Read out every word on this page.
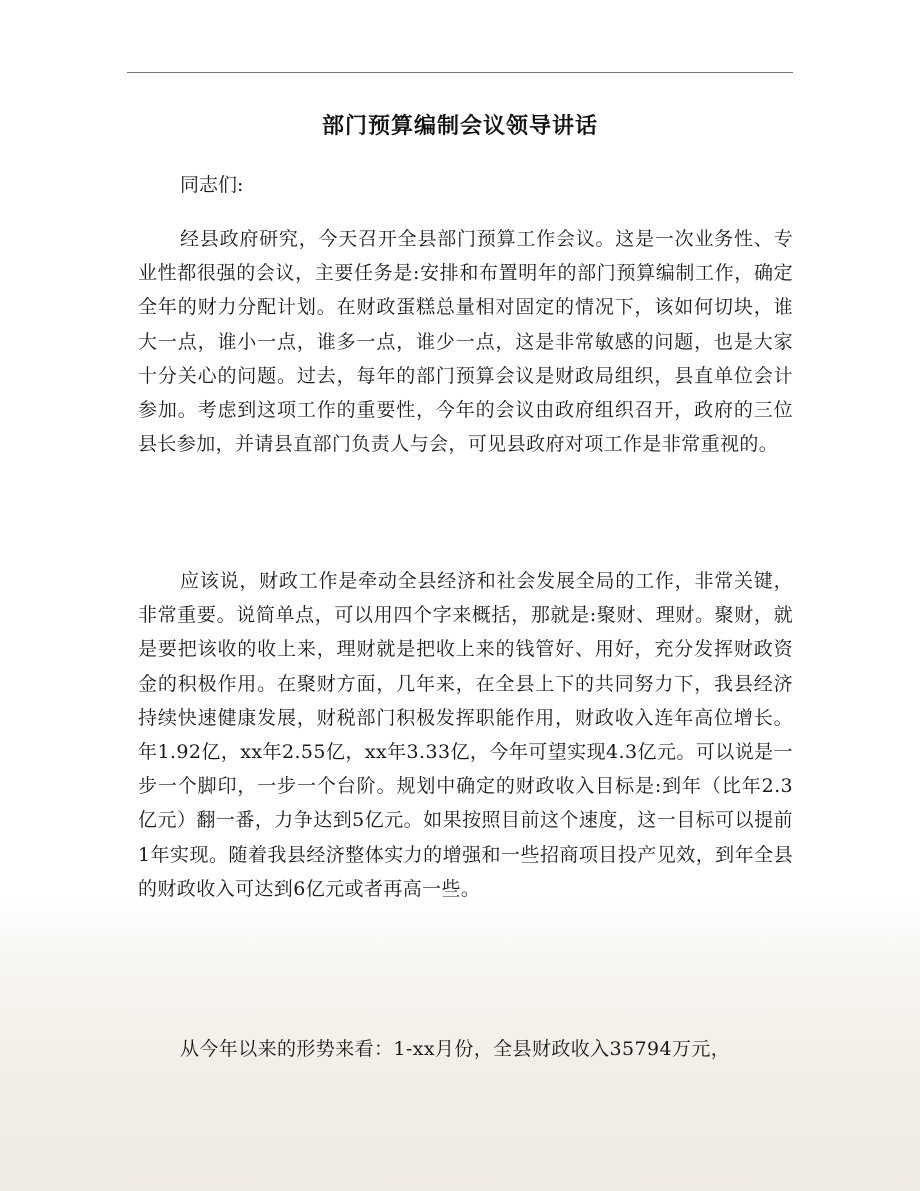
部门预算编制会议领导讲话
同志们:
经县政府研究，今天召开全县部门预算工作会议。这是一次业务性、专业性都很强的会议，主要任务是:安排和布置明年的部门预算编制工作，确定全年的财力分配计划。在财政蛋糕总量相对固定的情况下，该如何切块，谁大一点，谁小一点，谁多一点，谁少一点，这是非常敏感的问题，也是大家十分关心的问题。过去，每年的部门预算会议是财政局组织，县直单位会计参加。考虑到这项工作的重要性，今年的会议由政府组织召开，政府的三位县长参加，并请县直部门负责人与会，可见县政府对项工作是非常重视的。
应该说，财政工作是牵动全县经济和社会发展全局的工作，非常关键，非常重要。说简单点，可以用四个字来概括，那就是:聚财、理财。聚财，就是要把该收的收上来，理财就是把收上来的钱管好、用好，充分发挥财政资金的积极作用。在聚财方面，几年来，在全县上下的共同努力下，我县经济持续快速健康发展，财税部门积极发挥职能作用，财政收入连年高位增长。年1.92亿，xx年2.55亿，xx年3.33亿，今年可望实现4.3亿元。可以说是一步一个脚印，一步一个台阶。规划中确定的财政收入目标是:到年（比年2.3亿元）翻一番，力争达到5亿元。如果按照目前这个速度，这一目标可以提前1年实现。随着我县经济整体实力的增强和一些招商项目投产见效，到年全县的财政收入可达到6亿元或者再高一些。
从今年以来的形势来看：1-xx月份，全县财政收入35794万元，
